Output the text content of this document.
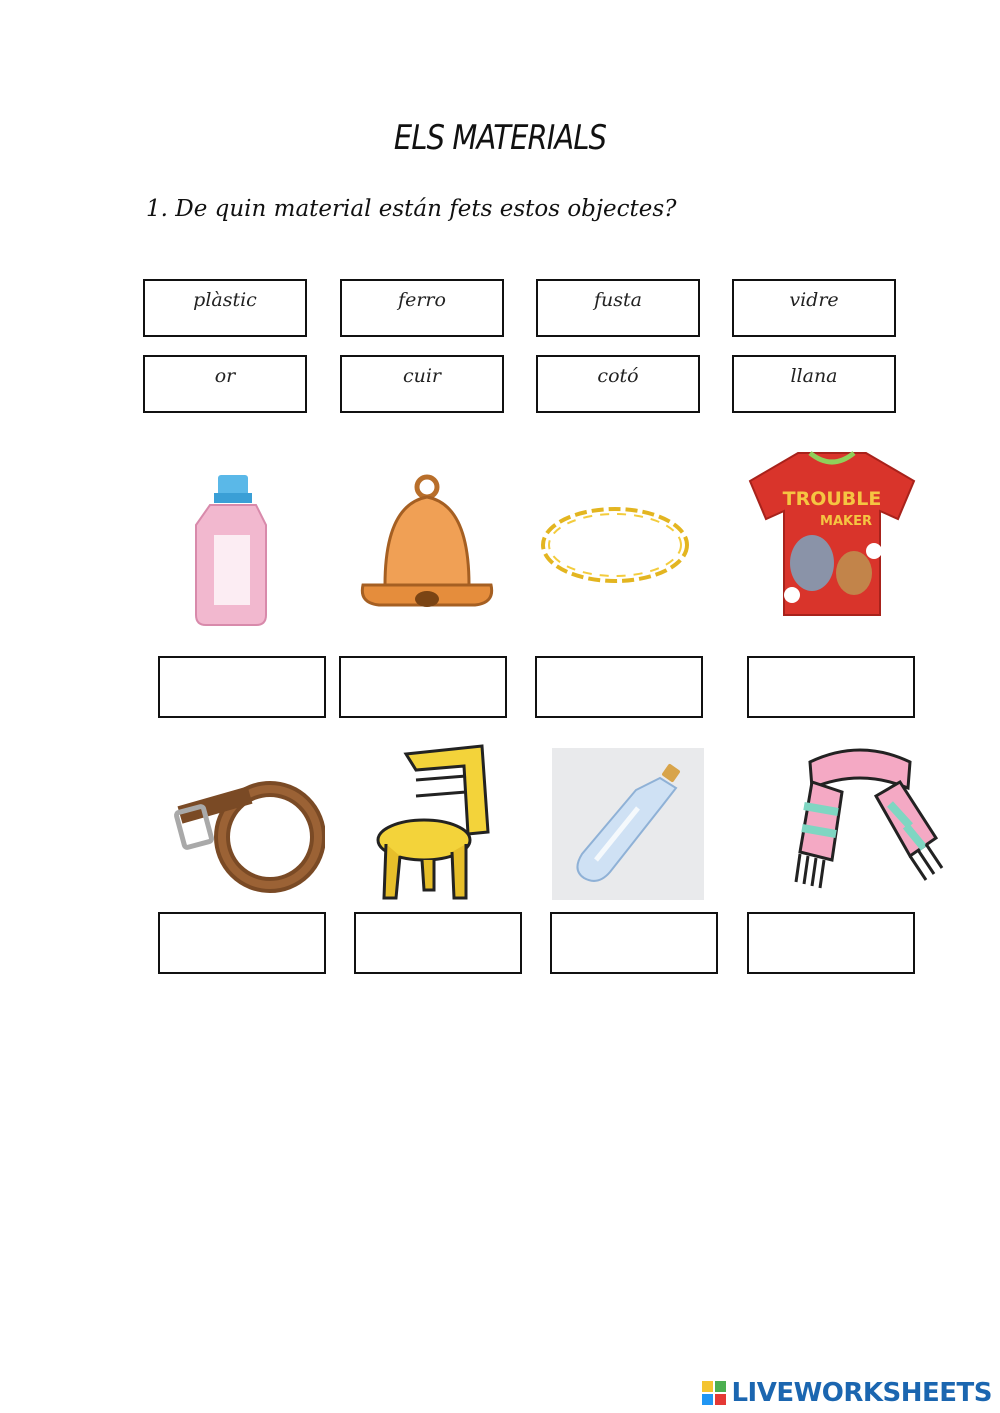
ELS MATERIALS
1. De quin material están fets estos objectes?
plàstic	ferro	fusta	vidre
or	cuir	cotó	llana
TROUBLE
MAKER
LIVEWORKSHEETS
